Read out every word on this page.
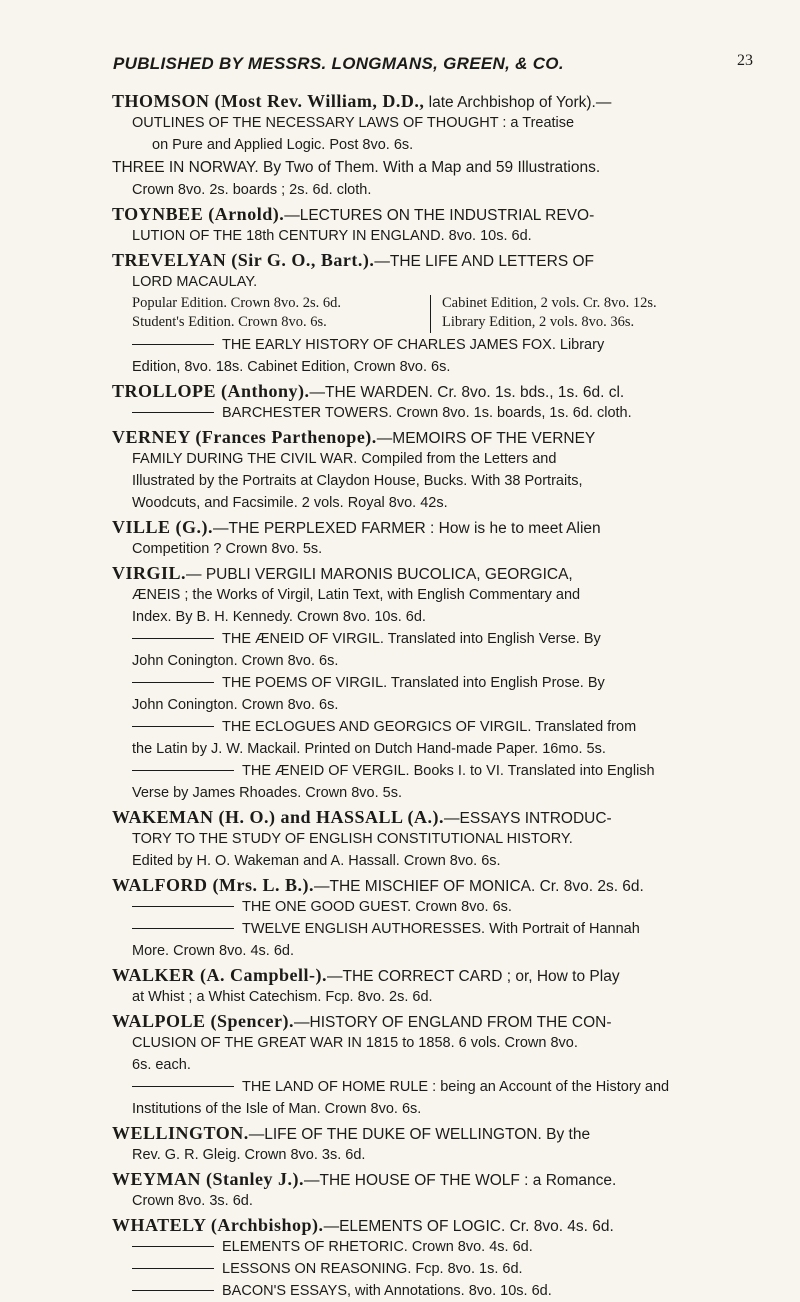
PUBLISHED BY MESSRS. LONGMANS, GREEN, & CO.	23
THOMSON (Most Rev. William, D.D., late Archbishop of York).—
OUTLINES OF THE NECESSARY LAWS OF THOUGHT : a Treatise
on Pure and Applied Logic. Post 8vo. 6s.
THREE IN NORWAY. By Two of Them. With a Map and 59 Illustrations.
Crown 8vo. 2s. boards ; 2s. 6d. cloth.
TOYNBEE (Arnold).—LECTURES ON THE INDUSTRIAL REVO-
LUTION OF THE 18th CENTURY IN ENGLAND. 8vo. 10s. 6d.
TREVELYAN (Sir G. O., Bart.).—THE LIFE AND LETTERS OF
LORD MACAULAY.
Popular Edition. Crown 8vo. 2s. 6d.
Student's Edition. Crown 8vo. 6s.
Cabinet Edition, 2 vols. Cr. 8vo. 12s.
Library Edition, 2 vols. 8vo. 36s.
THE EARLY HISTORY OF CHARLES JAMES FOX. Library
Edition, 8vo. 18s. Cabinet Edition, Crown 8vo. 6s.
TROLLOPE (Anthony).—THE WARDEN. Cr. 8vo. 1s. bds., 1s. 6d. cl.
BARCHESTER TOWERS. Crown 8vo. 1s. boards, 1s. 6d. cloth.
VERNEY (Frances Parthenope).—MEMOIRS OF THE VERNEY
FAMILY DURING THE CIVIL WAR. Compiled from the Letters and
Illustrated by the Portraits at Claydon House, Bucks. With 38 Portraits,
Woodcuts, and Facsimile. 2 vols. Royal 8vo. 42s.
VILLE (G.).—THE PERPLEXED FARMER : How is he to meet Alien
Competition ? Crown 8vo. 5s.
VIRGIL.— PUBLI VERGILI MARONIS BUCOLICA, GEORGICA,
ÆNEIS ; the Works of Virgil, Latin Text, with English Commentary and
Index. By B. H. Kennedy. Crown 8vo. 10s. 6d.
THE ÆNEID OF VIRGIL. Translated into English Verse. By
John Conington. Crown 8vo. 6s.
THE POEMS OF VIRGIL. Translated into English Prose. By
John Conington. Crown 8vo. 6s.
THE ECLOGUES AND GEORGICS OF VIRGIL. Translated from
the Latin by J. W. Mackail. Printed on Dutch Hand-made Paper. 16mo. 5s.
THE ÆNEID OF VERGIL. Books I. to VI. Translated into English
Verse by James Rhoades. Crown 8vo. 5s.
WAKEMAN (H. O.) and HASSALL (A.).—ESSAYS INTRODUC-
TORY TO THE STUDY OF ENGLISH CONSTITUTIONAL HISTORY.
Edited by H. O. Wakeman and A. Hassall. Crown 8vo. 6s.
WALFORD (Mrs. L. B.).—THE MISCHIEF OF MONICA. Cr. 8vo. 2s. 6d.
THE ONE GOOD GUEST. Crown 8vo. 6s.
TWELVE ENGLISH AUTHORESSES. With Portrait of Hannah
More. Crown 8vo. 4s. 6d.
WALKER (A. Campbell-).—THE CORRECT CARD ; or, How to Play
at Whist ; a Whist Catechism. Fcp. 8vo. 2s. 6d.
WALPOLE (Spencer).—HISTORY OF ENGLAND FROM THE CON-
CLUSION OF THE GREAT WAR IN 1815 to 1858. 6 vols. Crown 8vo.
6s. each.
THE LAND OF HOME RULE : being an Account of the History and
Institutions of the Isle of Man. Crown 8vo. 6s.
WELLINGTON.—LIFE OF THE DUKE OF WELLINGTON. By the
Rev. G. R. Gleig. Crown 8vo. 3s. 6d.
WEYMAN (Stanley J.).—THE HOUSE OF THE WOLF : a Romance.
Crown 8vo. 3s. 6d.
WHATELY (Archbishop).—ELEMENTS OF LOGIC. Cr. 8vo. 4s. 6d.
ELEMENTS OF RHETORIC. Crown 8vo. 4s. 6d.
LESSONS ON REASONING. Fcp. 8vo. 1s. 6d.
BACON'S ESSAYS, with Annotations. 8vo. 10s. 6d.
